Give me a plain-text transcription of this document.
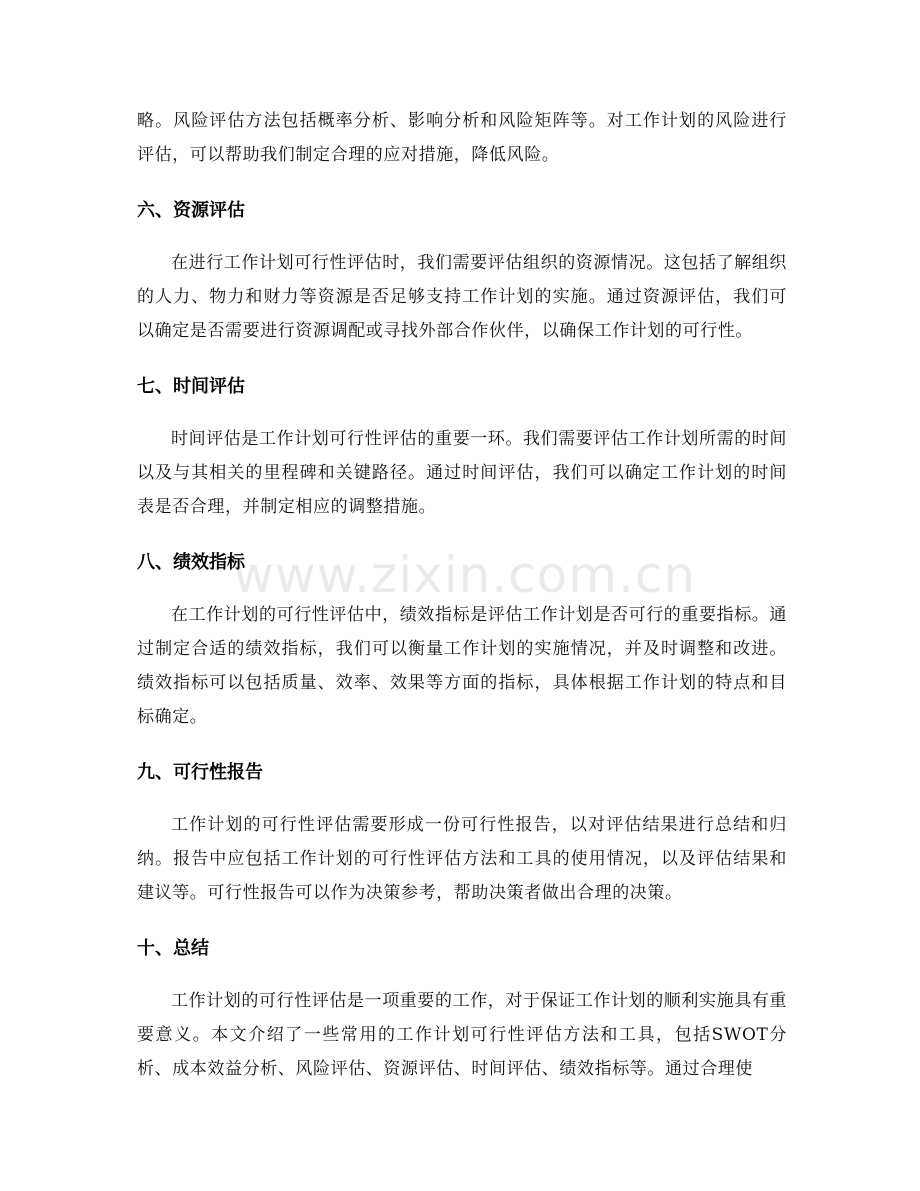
www.zixin.com.cn

略。风险评估方法包括概率分析、影响分析和风险矩阵等。对工作计划的风险进行评估，可以帮助我们制定合理的应对措施，降低风险。

六、资源评估

在进行工作计划可行性评估时，我们需要评估组织的资源情况。这包括了解组织的人力、物力和财力等资源是否足够支持工作计划的实施。通过资源评估，我们可以确定是否需要进行资源调配或寻找外部合作伙伴，以确保工作计划的可行性。

七、时间评估

时间评估是工作计划可行性评估的重要一环。我们需要评估工作计划所需的时间以及与其相关的里程碑和关键路径。通过时间评估，我们可以确定工作计划的时间表是否合理，并制定相应的调整措施。

八、绩效指标

在工作计划的可行性评估中，绩效指标是评估工作计划是否可行的重要指标。通过制定合适的绩效指标，我们可以衡量工作计划的实施情况，并及时调整和改进。绩效指标可以包括质量、效率、效果等方面的指标，具体根据工作计划的特点和目标确定。

九、可行性报告

工作计划的可行性评估需要形成一份可行性报告，以对评估结果进行总结和归纳。报告中应包括工作计划的可行性评估方法和工具的使用情况，以及评估结果和建议等。可行性报告可以作为决策参考，帮助决策者做出合理的决策。

十、总结

工作计划的可行性评估是一项重要的工作，对于保证工作计划的顺利实施具有重要意义。本文介绍了一些常用的工作计划可行性评估方法和工具，包括SWOT分析、成本效益分析、风险评估、资源评估、时间评估、绩效指标等。通过合理使
